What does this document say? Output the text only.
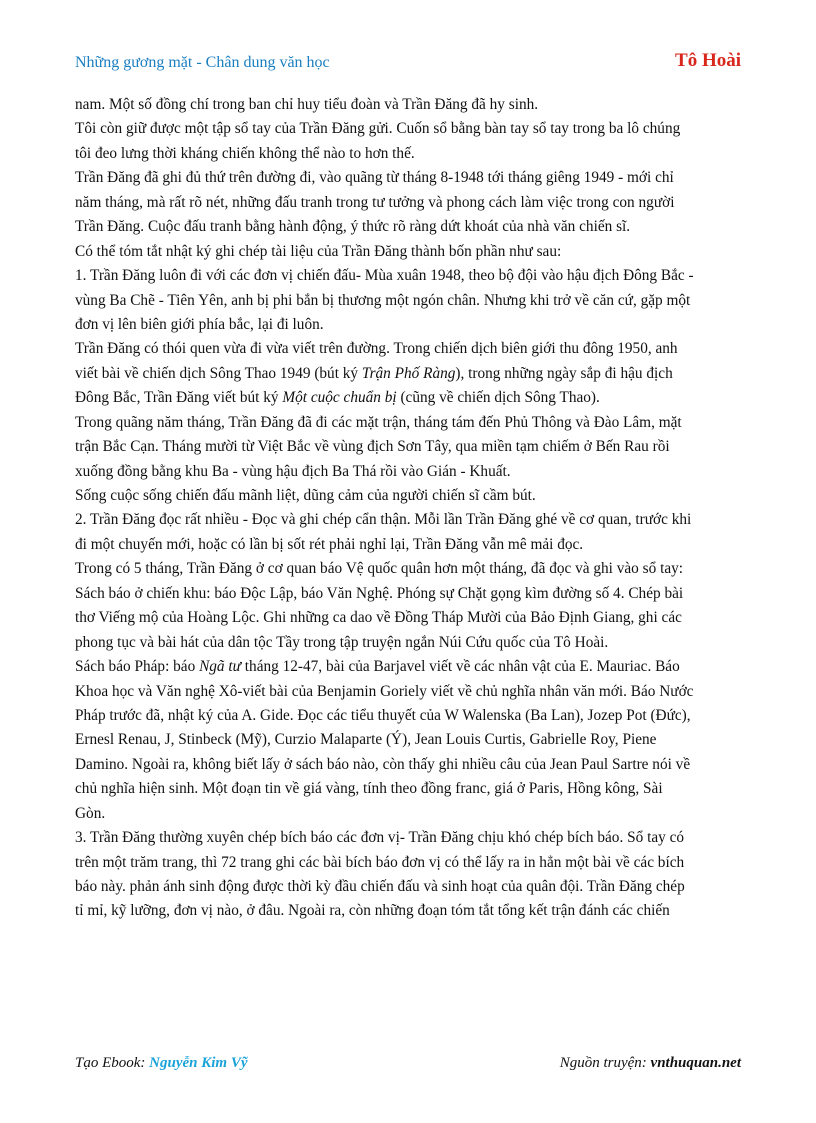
Những gương mặt - Chân dung văn học	Tô Hoài
nam. Một số đồng chí trong ban chỉ huy tiểu đoàn và Trần Đăng đã hy sinh.
Tôi còn giữ được một tập sổ tay của Trần Đăng gửi. Cuốn sổ bằng bàn tay sổ tay trong ba lô chúng
tôi đeo lưng thời kháng chiến không thể nào to hơn thế.
Trần Đăng đã ghi đủ thứ trên đường đi, vào quãng từ tháng 8-1948 tới tháng giêng 1949 - mới chỉ
năm tháng, mà rất rõ nét, những đấu tranh trong tư tưởng và phong cách làm việc trong con người
Trần Đăng. Cuộc đấu tranh bằng hành động, ý thức rõ ràng dứt khoát của nhà văn chiến sĩ.
Có thể tóm tắt nhật ký ghi chép tài liệu của Trần Đăng thành bốn phần như sau:
1. Trần Đăng luôn đi với các đơn vị chiến đấu- Mùa xuân 1948, theo bộ đội vào hậu địch Đông Bắc -
vùng Ba Chẽ - Tiên Yên, anh bị phi bắn bị thương một ngón chân. Nhưng khi trở về căn cứ, gặp một
đơn vị lên biên giới phía bắc, lại đi luôn.
Trần Đăng có thói quen vừa đi vừa viết trên đường. Trong chiến dịch biên giới thu đông 1950, anh
viết bài về chiến dịch Sông Thao 1949 (bút ký Trận Phố Ràng), trong những ngày sắp đi hậu địch
Đông Bắc, Trần Đăng viết bút ký Một cuộc chuẩn bị (cũng về chiến dịch Sông Thao).
Trong quãng năm tháng, Trần Đăng đã đi các mặt trận, tháng tám đến Phủ Thông và Đào Lâm, mặt
trận Bắc Cạn. Tháng mười từ Việt Bắc về vùng địch Sơn Tây, qua miền tạm chiếm ở Bến Rau rồi
xuống đồng bằng khu Ba - vùng hậu địch Ba Thá rồi vào Gián - Khuất.
Sống cuộc sống chiến đấu mãnh liệt, dũng cảm của người chiến sĩ cầm bút.
2. Trần Đăng đọc rất nhiều - Đọc và ghi chép cẩn thận. Mỗi lần Trần Đăng ghé về cơ quan, trước khi
đi một chuyến mới, hoặc có lần bị sốt rét phải nghỉ lại, Trần Đăng vẫn mê mải đọc.
Trong có 5 tháng, Trần Đăng ở cơ quan báo Vệ quốc quân hơn một tháng, đã đọc và ghi vào sổ tay:
Sách báo ở chiến khu: báo Độc Lập, báo Văn Nghệ. Phóng sự Chặt gọng kìm đường số 4. Chép bài
thơ Viếng mộ của Hoàng Lộc. Ghi những ca dao về Đồng Tháp Mười của Bảo Định Giang, ghi các
phong tục và bài hát của dân tộc Tầy trong tập truyện ngắn Núi Cứu quốc của Tô Hoài.
Sách báo Pháp: báo Ngã tư tháng 12-47, bài của Barjavel viết về các nhân vật của E. Mauriac. Báo
Khoa học và Văn nghệ Xô-viết bài của Benjamin Goriely viết về chủ nghĩa nhân văn mới. Báo Nước
Pháp trước đã, nhật ký của A. Gide. Đọc các tiểu thuyết của W Walenska (Ba Lan), Jozep Pot (Đức),
Ernesl Renau, J, Stinbeck (Mỹ), Curzio Malaparte (Ý), Jean Louis Curtis, Gabrielle Roy, Piene
Damino. Ngoài ra, không biết lấy ở sách báo nào, còn thấy ghi nhiều câu của Jean Paul Sartre nói về
chủ nghĩa hiện sinh. Một đoạn tin về giá vàng, tính theo đồng franc, giá ở Paris, Hồng kông, Sài
Gòn.
3. Trần Đăng thường xuyên chép bích báo các đơn vị- Trần Đăng chịu khó chép bích báo. Sổ tay có
trên một trăm trang, thì 72 trang ghi các bài bích báo đơn vị có thể lấy ra in hẳn một bài về các bích
báo này. phản ánh sinh động được thời kỳ đầu chiến đấu và sinh hoạt của quân đội. Trần Đăng chép
tỉ mỉ, kỹ lưỡng, đơn vị nào, ở đâu. Ngoài ra, còn những đoạn tóm tắt tổng kết trận đánh các chiến
Tạo Ebook: Nguyễn Kim Vỹ	Nguồn truyện: vnthuquan.net
